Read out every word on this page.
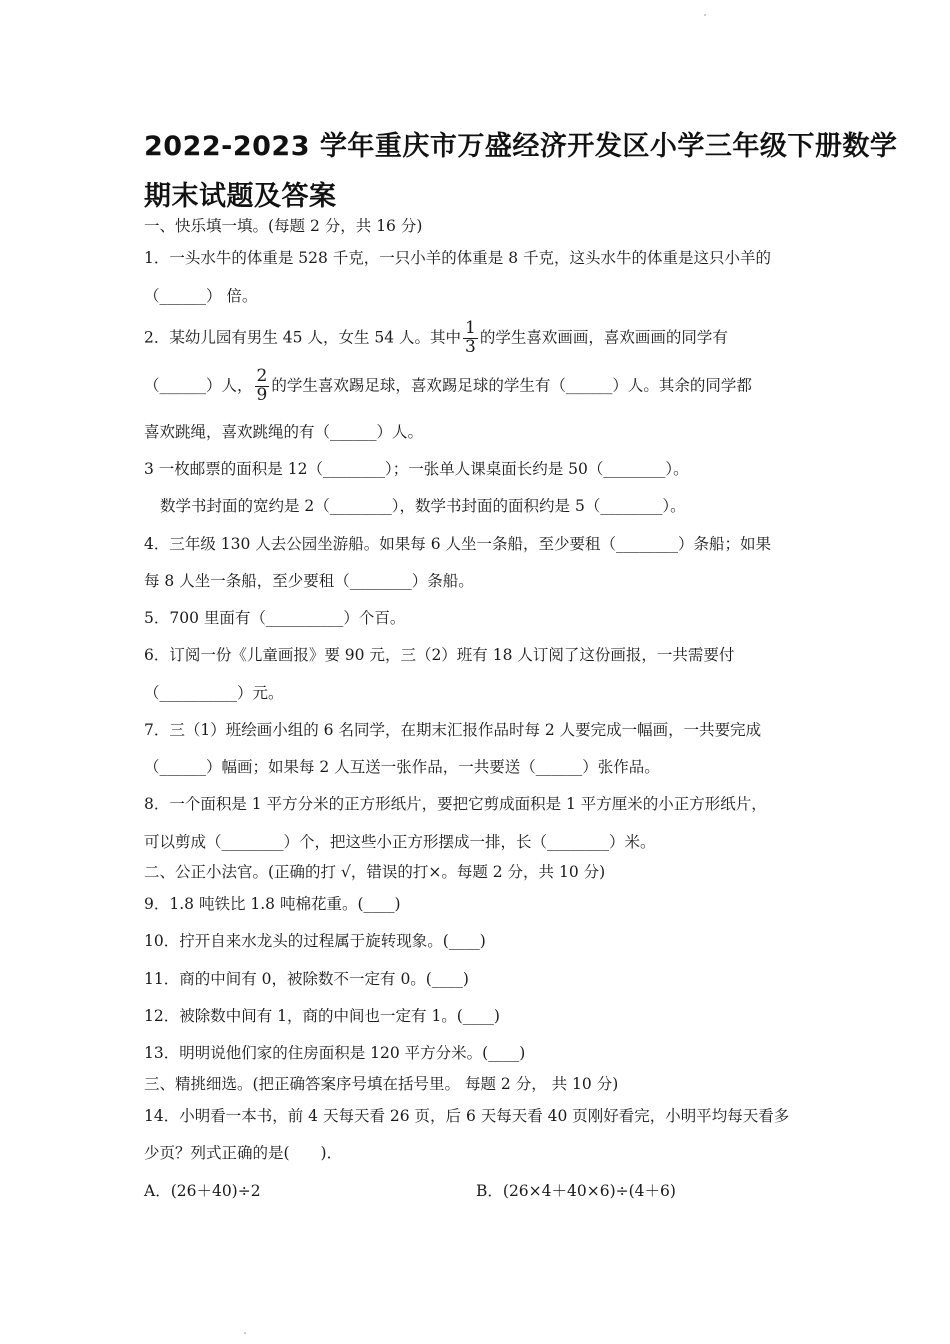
2022-2023 学年重庆市万盛经济开发区小学三年级下册数学
期末试题及答案
一、快乐填一填。(每题 2 分，共 16 分)
1．一头水牛的体重是 528 千克，一只小羊的体重是 8 千克，这头水牛的体重是这只小羊的
（______） 倍。
2．某幼儿园有男生 45 人，女生 54 人。其中 $\frac{1}{3}$ 的学生喜欢画画，喜欢画画的同学有
（______）人， $\frac{2}{9}$ 的学生喜欢踢足球，喜欢踢足球的学生有（______）人。其余的同学都
喜欢跳绳，喜欢跳绳的有（______）人。
3 一枚邮票的面积是 12（________）；一张单人课桌面长约是 50（________）。
数学书封面的宽约是 2（________），数学书封面的面积约是 5（________）。
4．三年级 130 人去公园坐游船。如果每 6 人坐一条船，至少要租（________）条船；如果
每 8 人坐一条船，至少要租（________）条船。
5．700 里面有（__________）个百。
6．订阅一份《儿童画报》要 90 元，三（2）班有 18 人订阅了这份画报，一共需要付
（__________）元。
7．三（1）班绘画小组的 6 名同学，在期末汇报作品时每 2 人要完成一幅画，一共要完成
（______）幅画；如果每 2 人互送一张作品，一共要送（______）张作品。
8．一个面积是 1 平方分米的正方形纸片，要把它剪成面积是 1 平方厘米的小正方形纸片，
可以剪成（________）个，把这些小正方形摆成一排，长（________）米。
二、公正小法官。(正确的打 √，错误的打×。每题 2 分，共 10 分)
9．1.8 吨铁比 1.8 吨棉花重。(____)
10．拧开自来水龙头的过程属于旋转现象。(____)
11．商的中间有 0，被除数不一定有 0。(____)
12．被除数中间有 1，商的中间也一定有 1。(____)
13．明明说他们家的住房面积是 120 平方分米。(____)
三、精挑细选。(把正确答案序号填在括号里。 每题 2 分， 共 10 分)
14．小明看一本书，前 4 天每天看 26 页，后 6 天每天看 40 页刚好看完，小明平均每天看多
少页？列式正确的是(　　)．
A．(26＋40)÷2	B．(26×4＋40×6)÷(4＋6)
